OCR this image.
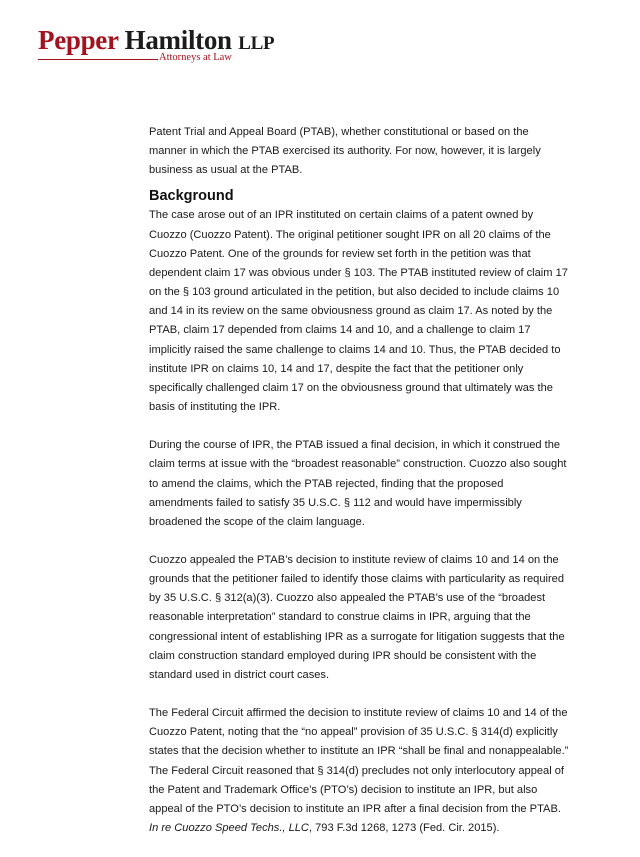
Pepper Hamilton LLP
Attorneys at Law

Patent Trial and Appeal Board (PTAB), whether constitutional or based on the manner in which the PTAB exercised its authority. For now, however, it is largely business as usual at the PTAB.

Background

The case arose out of an IPR instituted on certain claims of a patent owned by Cuozzo (Cuozzo Patent). The original petitioner sought IPR on all 20 claims of the Cuozzo Patent. One of the grounds for review set forth in the petition was that dependent claim 17 was obvious under § 103. The PTAB instituted review of claim 17 on the § 103 ground articulated in the petition, but also decided to include claims 10 and 14 in its review on the same obviousness ground as claim 17. As noted by the PTAB, claim 17 depended from claims 14 and 10, and a challenge to claim 17 implicitly raised the same challenge to claims 14 and 10. Thus, the PTAB decided to institute IPR on claims 10, 14 and 17, despite the fact that the petitioner only specifically challenged claim 17 on the obviousness ground that ultimately was the basis of instituting the IPR.

During the course of IPR, the PTAB issued a final decision, in which it construed the claim terms at issue with the “broadest reasonable” construction. Cuozzo also sought to amend the claims, which the PTAB rejected, finding that the proposed amendments failed to satisfy 35 U.S.C. § 112 and would have impermissibly broadened the scope of the claim language.

Cuozzo appealed the PTAB’s decision to institute review of claims 10 and 14 on the grounds that the petitioner failed to identify those claims with particularity as required by 35 U.S.C. § 312(a)(3). Cuozzo also appealed the PTAB’s use of the “broadest reasonable interpretation” standard to construe claims in IPR, arguing that the congressional intent of establishing IPR as a surrogate for litigation suggests that the claim construction standard employed during IPR should be consistent with the standard used in district court cases.

The Federal Circuit affirmed the decision to institute review of claims 10 and 14 of the Cuozzo Patent, noting that the “no appeal” provision of 35 U.S.C. § 314(d) explicitly states that the decision whether to institute an IPR “shall be final and nonappealable.” The Federal Circuit reasoned that § 314(d) precludes not only interlocutory appeal of the Patent and Trademark Office’s (PTO’s) decision to institute an IPR, but also appeal of the PTO’s decision to institute an IPR after a final decision from the PTAB. In re Cuozzo Speed Techs., LLC, 793 F.3d 1268, 1273 (Fed. Cir. 2015).
